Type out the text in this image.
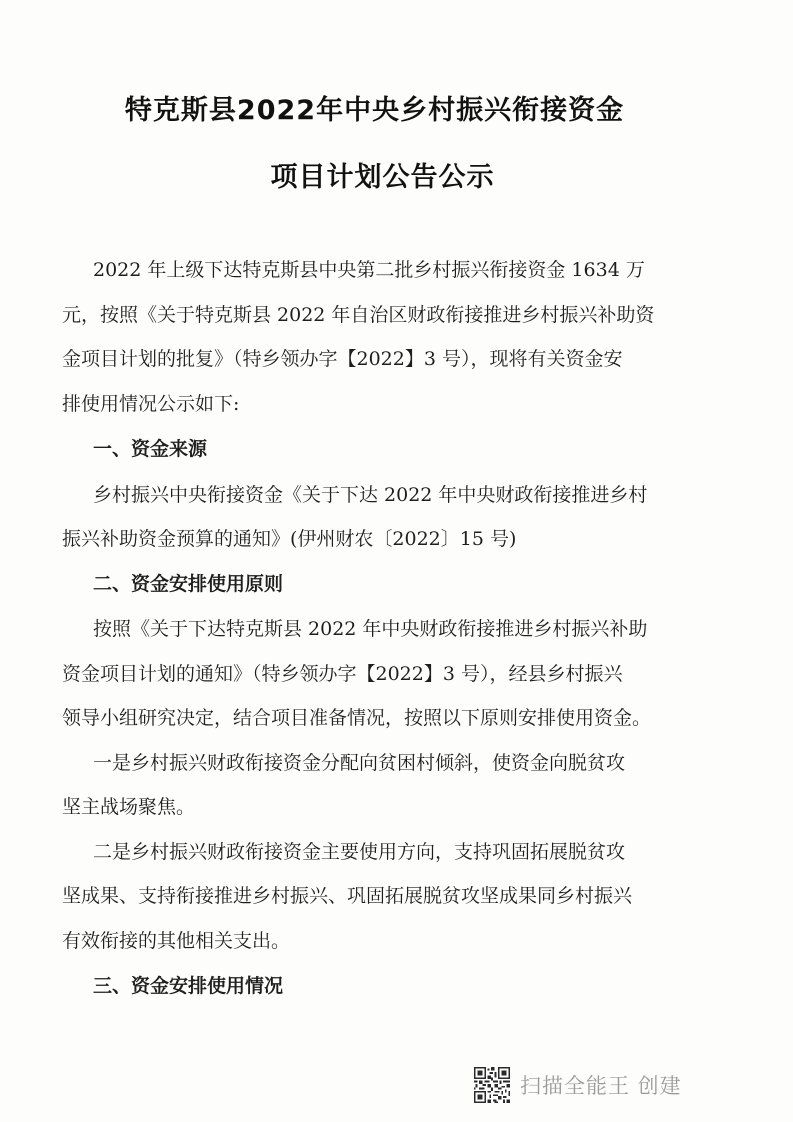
特克斯县2022年中央乡村振兴衔接资金
项目计划公告公示
2022 年上级下达特克斯县中央第二批乡村振兴衔接资金 1634 万
元，按照《关于特克斯县 2022 年自治区财政衔接推进乡村振兴补助资
金项目计划的批复》（特乡领办字【2022】3 号），现将有关资金安
排使用情况公示如下:
一、资金来源
乡村振兴中央衔接资金《关于下达 2022 年中央财政衔接推进乡村
振兴补助资金预算的通知》(伊州财农〔2022〕15 号)
二、资金安排使用原则
按照《关于下达特克斯县 2022 年中央财政衔接推进乡村振兴补助
资金项目计划的通知》（特乡领办字【2022】3 号），经县乡村振兴
领导小组研究决定，结合项目准备情况，按照以下原则安排使用资金。
一是乡村振兴财政衔接资金分配向贫困村倾斜，使资金向脱贫攻
坚主战场聚焦。
二是乡村振兴财政衔接资金主要使用方向，支持巩固拓展脱贫攻
坚成果、支持衔接推进乡村振兴、巩固拓展脱贫攻坚成果同乡村振兴
有效衔接的其他相关支出。
三、资金安排使用情况
扫描全能王 创建
